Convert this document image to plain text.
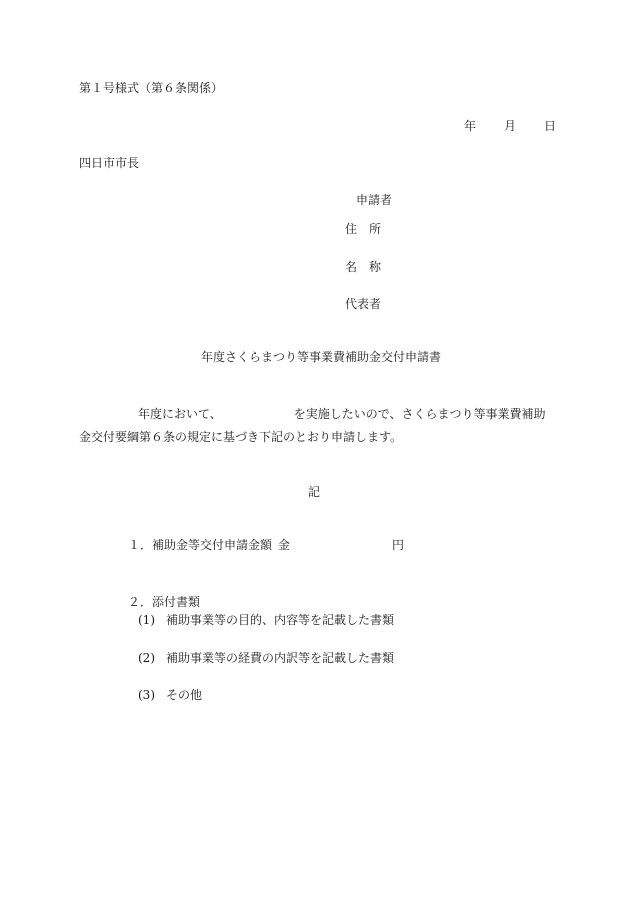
第１号様式（第６条関係）
年 月 日
四日市市長
申請者
住　所
名　称
代表者
年度さくらまつり等事業費補助金交付申請書
年度において、	を実施したいので、さくらまつり等事業費補助
金交付要綱第６条の規定に基づき下記のとおり申請します。
記
１．補助金等交付申請金額 金	円
２．添付書類
(1) 補助事業等の目的、内容等を記載した書類
(2) 補助事業等の経費の内訳等を記載した書類
(3) その他
